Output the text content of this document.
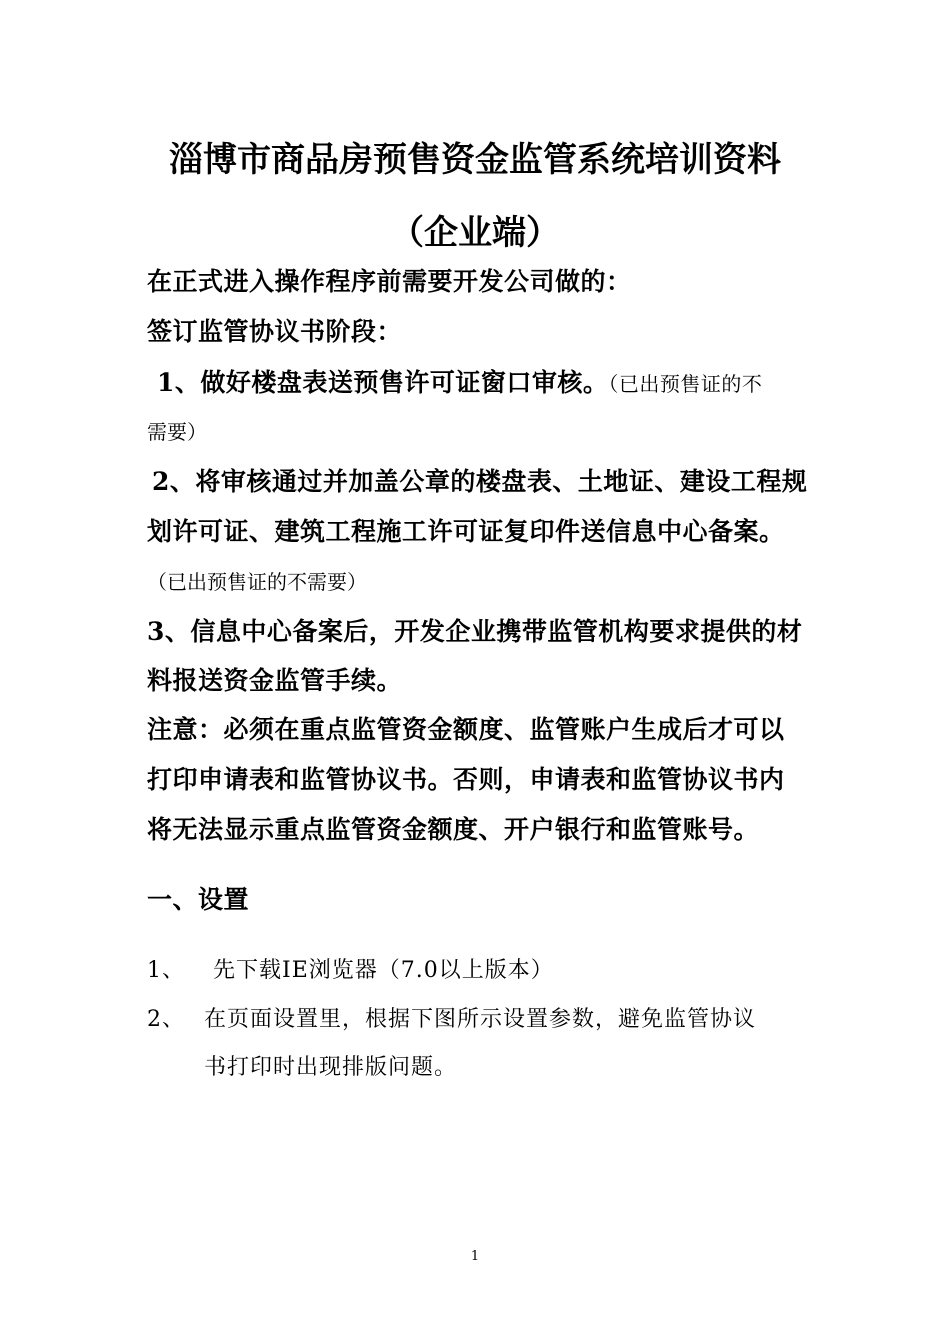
淄博市商品房预售资金监管系统培训资料
（企业端）
在正式进入操作程序前需要开发公司做的：
签订监管协议书阶段：
1、做好楼盘表送预售许可证窗口审核。（已出预售证的不
需要）
2、将审核通过并加盖公章的楼盘表、土地证、建设工程规
划许可证、建筑工程施工许可证复印件送信息中心备案。
（已出预售证的不需要）
3、信息中心备案后，开发企业携带监管机构要求提供的材
料报送资金监管手续。
注意：必须在重点监管资金额度、监管账户生成后才可以
打印申请表和监管协议书。否则，申请表和监管协议书内
将无法显示重点监管资金额度、开户银行和监管账号。
一、设置
1、 先下载IE浏览器（7.0以上版本）
2、 在页面设置里，根据下图所示设置参数，避免监管协议
书打印时出现排版问题。
1
